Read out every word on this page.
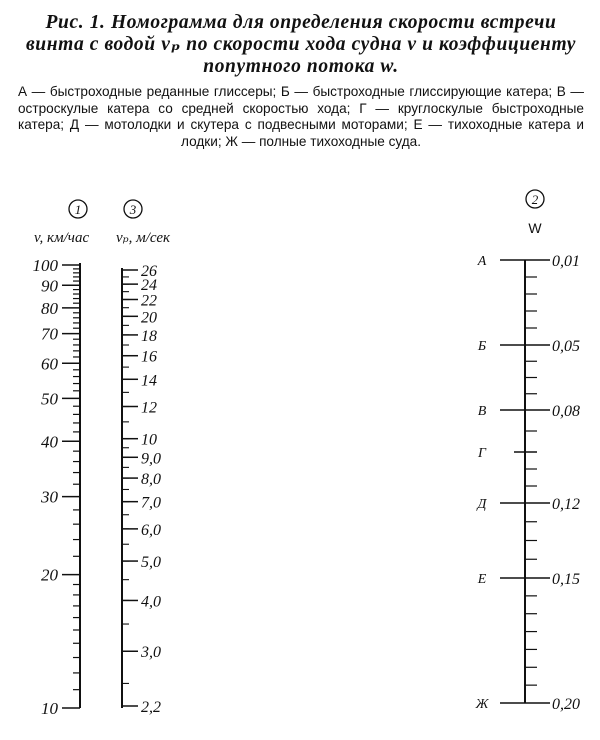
Рис. 1. Номограмма для определения скорости встречи винта с водой vₚ по скорости хода судна v и коэффициенту попутного потока w.

А — быстроходные реданные глиссеры; Б — быстроходные глиссирующие катера; В — остроскулые катера со средней скоростью хода; Г — круглоскулые быстроходные катера; Д — мотолодки и скутера с подвесными моторами; Е — тихоходные катера и лодки; Ж — полные тихоходные суда.

1
v, км/час
3
vₚ, м/сек
2
W
100
90
80
70
60
50
40
30
20
10
26
24
22
20
18
16
14
12
10
9,0
8,0
7,0
6,0
5,0
4,0
3,0
2,2
А	0,01
Б	0,05
В	0,08
Г
Д	0,12
Е	0,15
Ж	0,20
